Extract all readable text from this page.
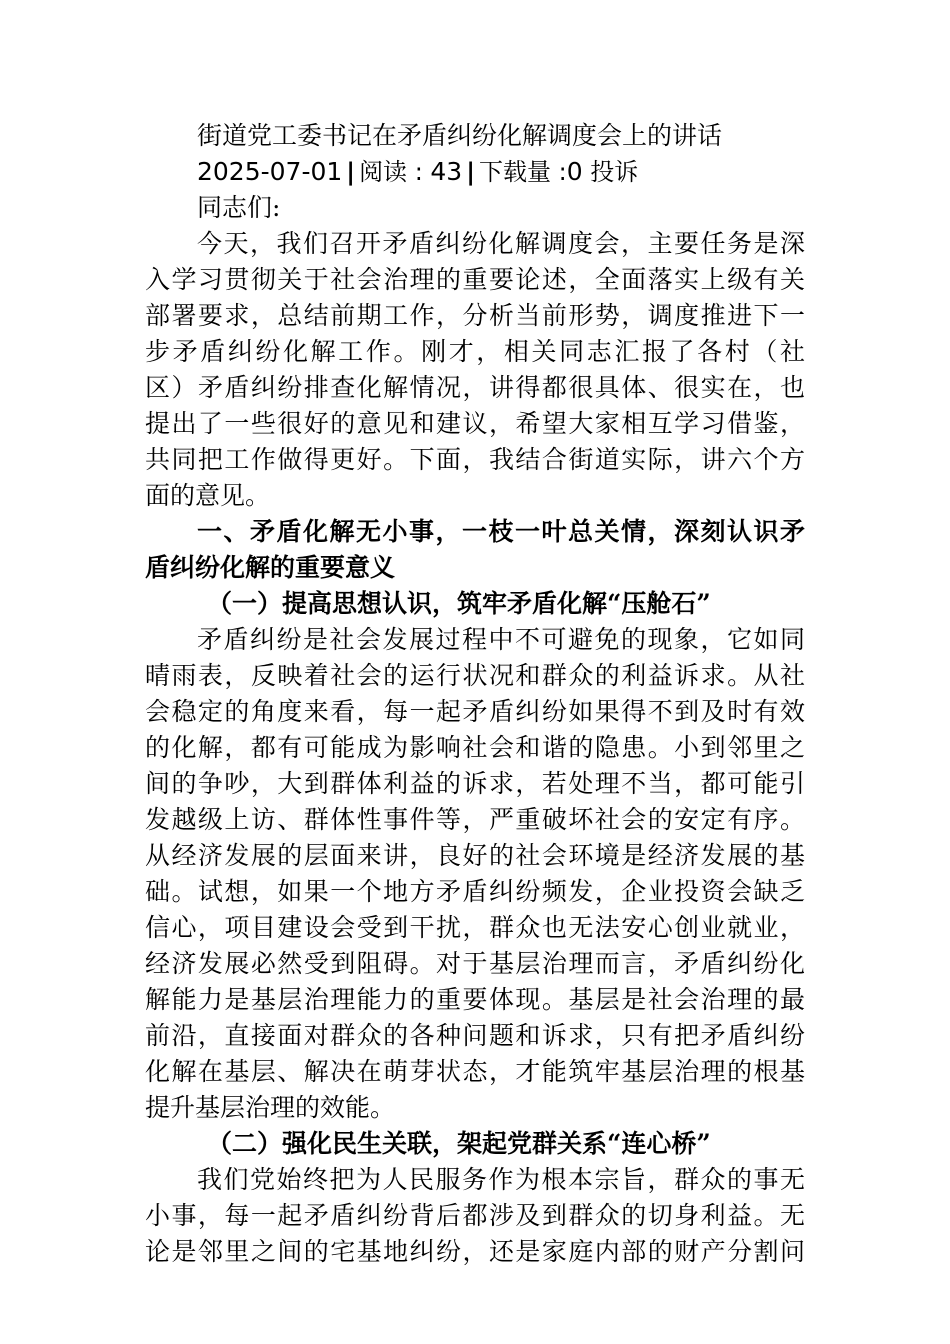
街道党工委书记在矛盾纠纷化解调度会上的讲话
2025-07-01 | 阅读 : 43 | 下载量 :0 投诉
同志们:
今天，我们召开矛盾纠纷化解调度会，主要任务是深
入学习贯彻关于社会治理的重要论述，全面落实上级有关
部署要求，总结前期工作，分析当前形势，调度推进下一
步矛盾纠纷化解工作。刚才，相关同志汇报了各村（社
区）矛盾纠纷排查化解情况，讲得都很具体、很实在，也
提出了一些很好的意见和建议，希望大家相互学习借鉴，
共同把工作做得更好。下面，我结合街道实际，讲六个方
面的意见。
一、矛盾化解无小事，一枝一叶总关情，深刻认识矛
盾纠纷化解的重要意义
（一）提高思想认识，筑牢矛盾化解“压舱石”
矛盾纠纷是社会发展过程中不可避免的现象，它如同
晴雨表，反映着社会的运行状况和群众的利益诉求。从社
会稳定的角度来看，每一起矛盾纠纷如果得不到及时有效
的化解，都有可能成为影响社会和谐的隐患。小到邻里之
间的争吵，大到群体利益的诉求，若处理不当，都可能引
发越级上访、群体性事件等，严重破坏社会的安定有序。
从经济发展的层面来讲，良好的社会环境是经济发展的基
础。试想，如果一个地方矛盾纠纷频发，企业投资会缺乏
信心，项目建设会受到干扰，群众也无法安心创业就业，
经济发展必然受到阻碍。对于基层治理而言，矛盾纠纷化
解能力是基层治理能力的重要体现。基层是社会治理的最
前沿，直接面对群众的各种问题和诉求，只有把矛盾纠纷
化解在基层、解决在萌芽状态，才能筑牢基层治理的根基
提升基层治理的效能。
（二）强化民生关联，架起党群关系“连心桥”
我们党始终把为人民服务作为根本宗旨，群众的事无
小事，每一起矛盾纠纷背后都涉及到群众的切身利益。无
论是邻里之间的宅基地纠纷，还是家庭内部的财产分割问
